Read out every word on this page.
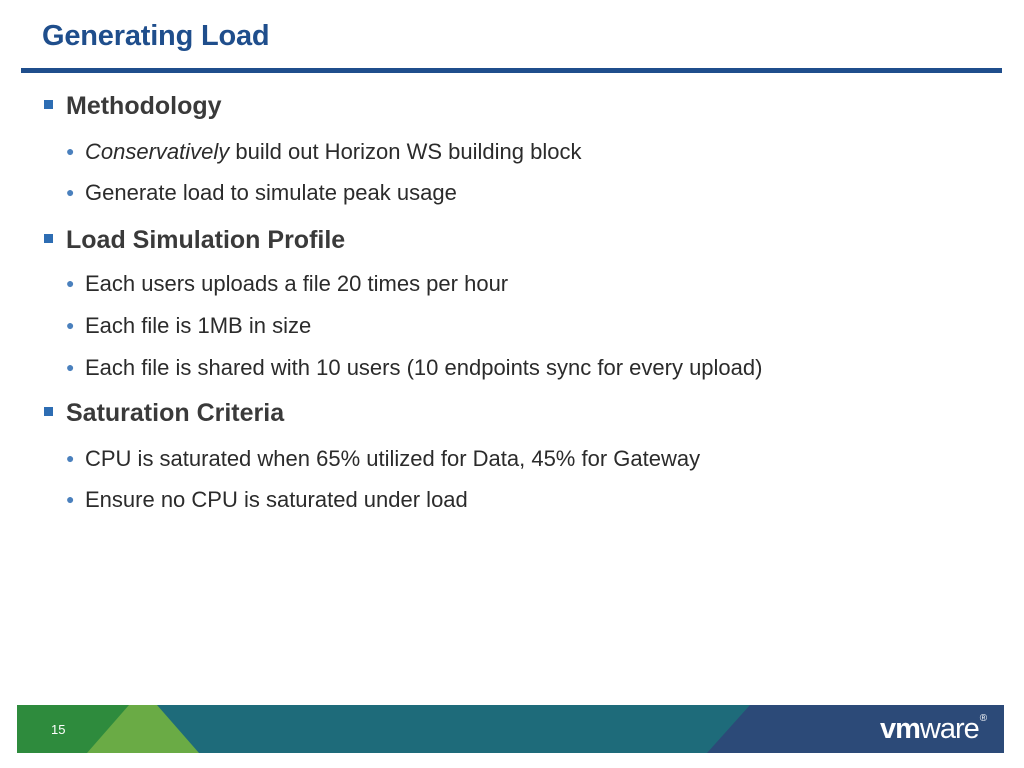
Generating Load
Methodology
● Conservatively build out Horizon WS building block
● Generate load to simulate peak usage
Load Simulation Profile
● Each users uploads a file 20 times per hour
● Each file is 1MB in size
● Each file is shared with 10 users (10 endpoints sync for every upload)
Saturation Criteria
● CPU is saturated when 65% utilized for Data, 45% for Gateway
● Ensure no CPU is saturated under load
15	vmware®
